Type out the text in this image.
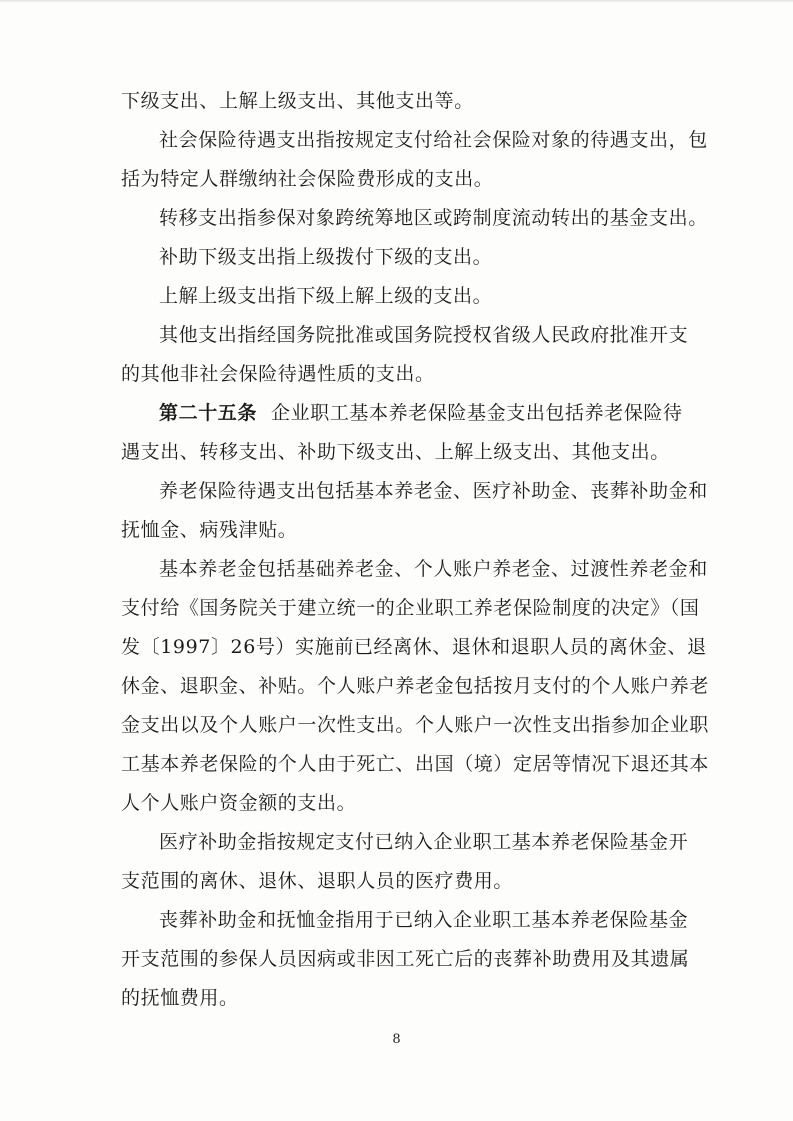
下级支出、上解上级支出、其他支出等。
社会保险待遇支出指按规定支付给社会保险对象的待遇支出，包
括为特定人群缴纳社会保险费形成的支出。
转移支出指参保对象跨统筹地区或跨制度流动转出的基金支出。
补助下级支出指上级拨付下级的支出。
上解上级支出指下级上解上级的支出。
其他支出指经国务院批准或国务院授权省级人民政府批准开支
的其他非社会保险待遇性质的支出。
第二十五条 企业职工基本养老保险基金支出包括养老保险待
遇支出、转移支出、补助下级支出、上解上级支出、其他支出。
养老保险待遇支出包括基本养老金、医疗补助金、丧葬补助金和
抚恤金、病残津贴。
基本养老金包括基础养老金、个人账户养老金、过渡性养老金和
支付给《国务院关于建立统一的企业职工养老保险制度的决定》（国
发〔1997〕26号）实施前已经离休、退休和退职人员的离休金、退
休金、退职金、补贴。个人账户养老金包括按月支付的个人账户养老
金支出以及个人账户一次性支出。个人账户一次性支出指参加企业职
工基本养老保险的个人由于死亡、出国（境）定居等情况下退还其本
人个人账户资金额的支出。
医疗补助金指按规定支付已纳入企业职工基本养老保险基金开
支范围的离休、退休、退职人员的医疗费用。
丧葬补助金和抚恤金指用于已纳入企业职工基本养老保险基金
开支范围的参保人员因病或非因工死亡后的丧葬补助费用及其遗属
的抚恤费用。
8
